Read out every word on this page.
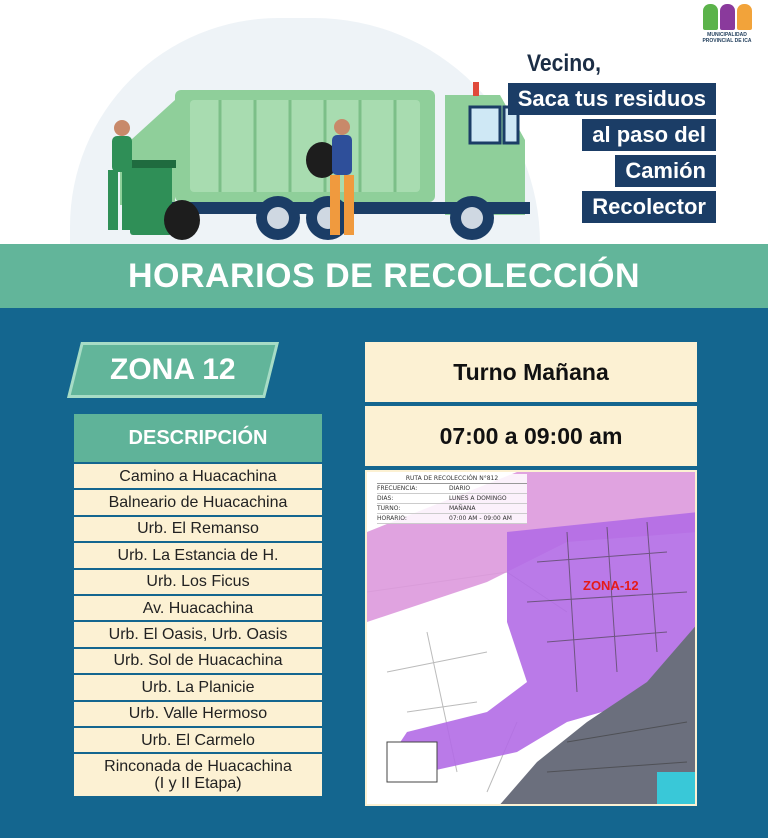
MUNICIPALIDAD PROVINCIAL DE ICA
Vecino,
Saca tus residuos
al paso del
Camión
Recolector
HORARIOS DE RECOLECCIÓN
ZONA 12
DESCRIPCIÓN
Camino a Huacachina
Balneario de Huacachina
Urb. El Remanso
Urb. La Estancia de H.
Urb. Los Ficus
Av. Huacachina
Urb. El Oasis, Urb. Oasis
Urb. Sol de Huacachina
Urb. La Planicie
Urb. Valle Hermoso
Urb. El Carmelo
Rinconada de Huacachina
(I y II Etapa)
Turno Mañana
07:00 a 09:00 am
RUTA DE RECOLECCIÓN N°812
FRECUENCIA:	DIARIO
DIAS:	LUNES A DOMINGO
TURNO:	MAÑANA
HORARIO:	07:00 AM - 09:00 AM
ZONA-12
